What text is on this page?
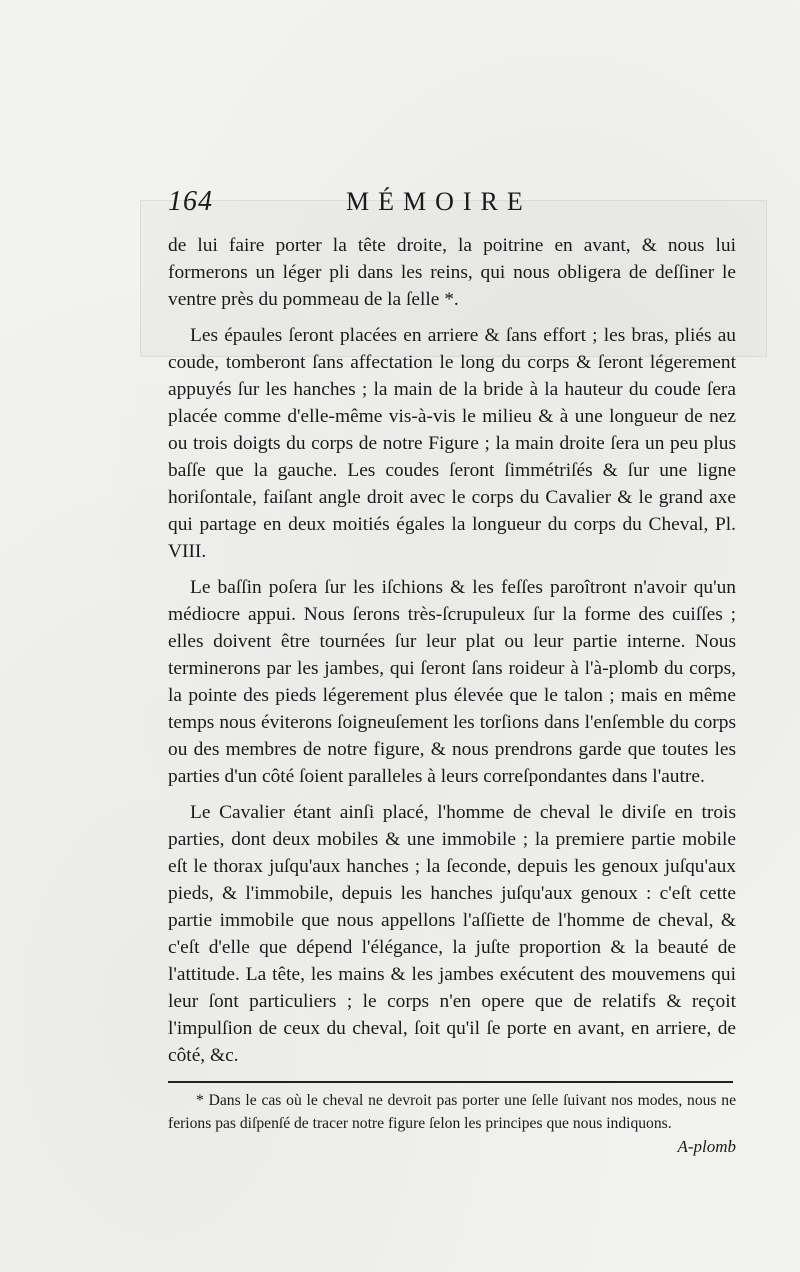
164	MÉMOIRE

de lui faire porter la tête droite, la poitrine en avant, & nous lui formerons un léger pli dans les reins, qui nous obligera de deſſiner le ventre près du pommeau de la ſelle *.

Les épaules ſeront placées en arriere & ſans effort ; les bras, pliés au coude, tomberont ſans affectation le long du corps & ſeront légerement appuyés ſur les hanches ; la main de la bride à la hauteur du coude ſera placée comme d'elle-même vis-à-vis le milieu & à une longueur de nez ou trois doigts du corps de notre Figure ; la main droite ſera un peu plus baſſe que la gauche. Les coudes ſeront ſimmétriſés & ſur une ligne horiſontale, faiſant angle droit avec le corps du Cavalier & le grand axe qui partage en deux moitiés égales la longueur du corps du Cheval, Pl. VIII.

Le baſſin poſera ſur les iſchions & les feſſes paroîtront n'avoir qu'un médiocre appui. Nous ſerons très-ſcrupuleux ſur la forme des cuiſſes ; elles doivent être tournées ſur leur plat ou leur partie interne. Nous terminerons par les jambes, qui ſeront ſans roideur à l'à-plomb du corps, la pointe des pieds légerement plus élevée que le talon ; mais en même temps nous éviterons ſoigneuſement les torſions dans l'enſemble du corps ou des membres de notre figure, & nous prendrons garde que toutes les parties d'un côté ſoient paralleles à leurs correſpondantes dans l'autre.

Le Cavalier étant ainſi placé, l'homme de cheval le diviſe en trois parties, dont deux mobiles & une immobile ; la premiere partie mobile eſt le thorax juſqu'aux hanches ; la ſeconde, depuis les genoux juſqu'aux pieds, & l'immobile, depuis les hanches juſqu'aux genoux : c'eſt cette partie immobile que nous appellons l'aſſiette de l'homme de cheval, & c'eſt d'elle que dépend l'élégance, la juſte proportion & la beauté de l'attitude. La tête, les mains & les jambes exécutent des mouvemens qui leur ſont particuliers ; le corps n'en opere que de relatifs & reçoit l'impulſion de ceux du cheval, ſoit qu'il ſe porte en avant, en arriere, de côté, &c.

* Dans le cas où le cheval ne devroit pas porter une ſelle ſuivant nos modes, nous ne ferions pas diſpenſé de tracer notre figure ſelon les principes que nous indiquons.
A-plomb
